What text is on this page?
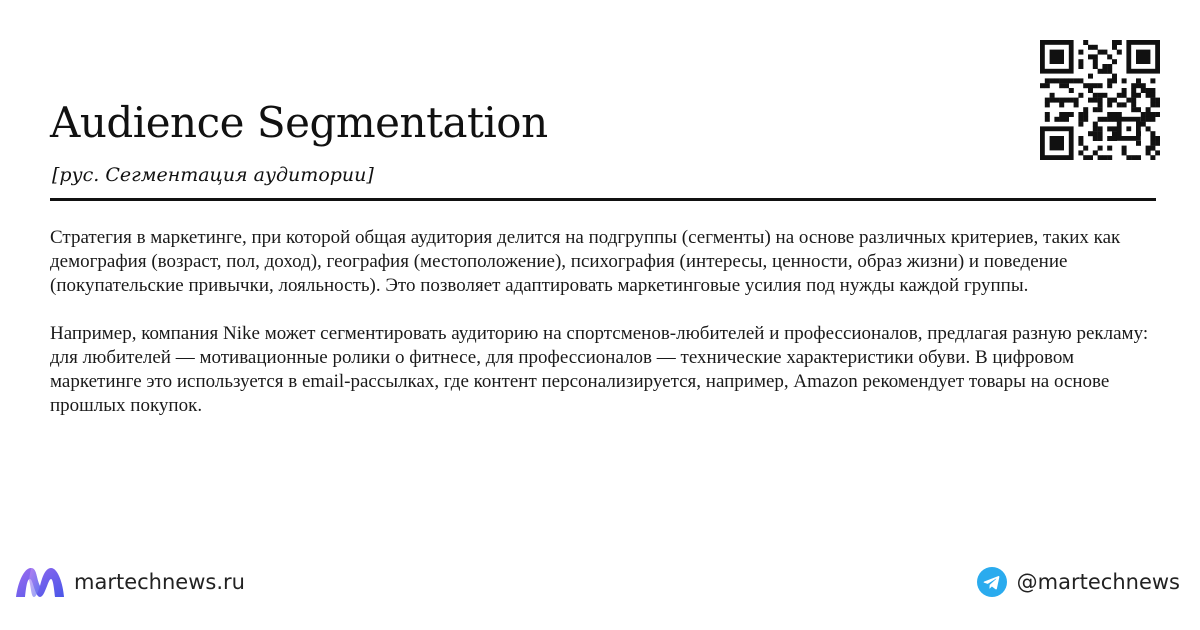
Audience Segmentation
[рус. Сегментация аудитории]

Стратегия в маркетинге, при которой общая аудитория делится на подгруппы (сегменты) на основе различных критериев, таких как демография (возраст, пол, доход), география (местоположение), психография (интересы, ценности, образ жизни) и поведение (покупательские привычки, лояльность). Это позволяет адаптировать маркетинговые усилия под нужды каждой группы.

Например, компания Nike может сегментировать аудиторию на спортсменов-любителей и профессионалов, предлагая разную рекламу: для любителей — мотивационные ролики о фитнесе, для профессионалов — технические характеристики обуви. В цифровом маркетинге это используется в email-рассылках, где контент персонализируется, например, Amazon рекомендует товары на основе прошлых покупок.

martechnews.ru	@martechnews
